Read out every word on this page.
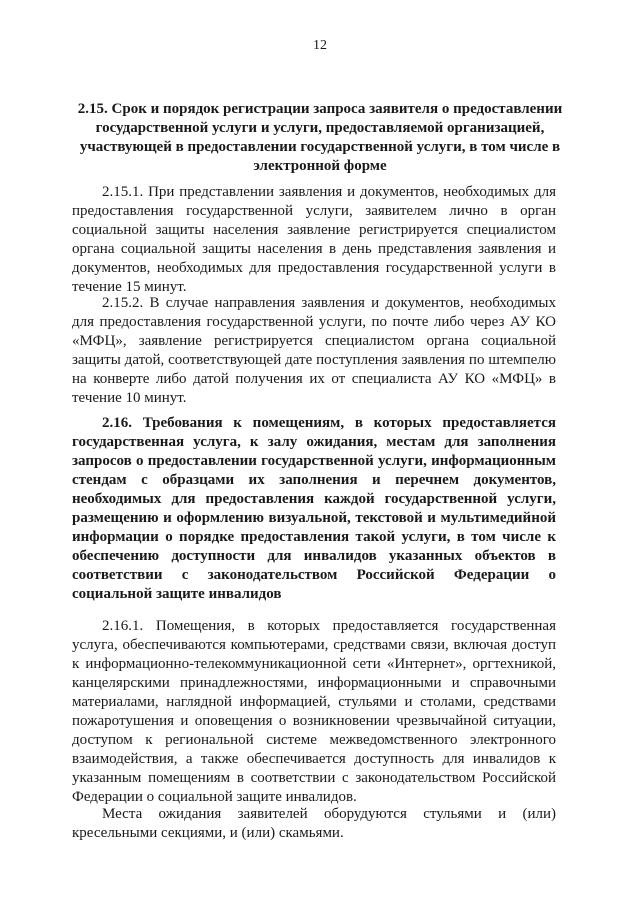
12
2.15. Срок и порядок регистрации запроса заявителя о предоставлении государственной услуги и услуги, предоставляемой организацией, участвующей в предоставлении государственной услуги, в том числе в электронной форме

2.15.1. При представлении заявления и документов, необходимых для предоставления государственной услуги, заявителем лично в орган социальной защиты населения заявление регистрируется специалистом органа социальной защиты населения в день представления заявления и документов, необходимых для предоставления государственной услуги в течение 15 минут.

2.15.2. В случае направления заявления и документов, необходимых для предоставления государственной услуги, по почте либо через АУ КО «МФЦ», заявление регистрируется специалистом органа социальной защиты датой, соответствующей дате поступления заявления по штемпелю на конверте либо датой получения их от специалиста АУ КО «МФЦ» в течение 10 минут.

2.16. Требования к помещениям, в которых предоставляется государственная услуга, к залу ожидания, местам для заполнения запросов о предоставлении государственной услуги, информационным стендам с образцами их заполнения и перечнем документов, необходимых для предоставления каждой государственной услуги, размещению и оформлению визуальной, текстовой и мультимедийной информации о порядке предоставления такой услуги, в том числе к обеспечению доступности для инвалидов указанных объектов в соответствии с законодательством Российской Федерации о социальной защите инвалидов

2.16.1. Помещения, в которых предоставляется государственная услуга, обеспечиваются компьютерами, средствами связи, включая доступ к информационно-телекоммуникационной сети «Интернет», оргтехникой, канцелярскими принадлежностями, информационными и справочными материалами, наглядной информацией, стульями и столами, средствами пожаротушения и оповещения о возникновении чрезвычайной ситуации, доступом к региональной системе межведомственного электронного взаимодействия, а также обеспечивается доступность для инвалидов к указанным помещениям в соответствии с законодательством Российской Федерации о социальной защите инвалидов.

Места ожидания заявителей оборудуются стульями и (или) кресельными секциями, и (или) скамьями.
